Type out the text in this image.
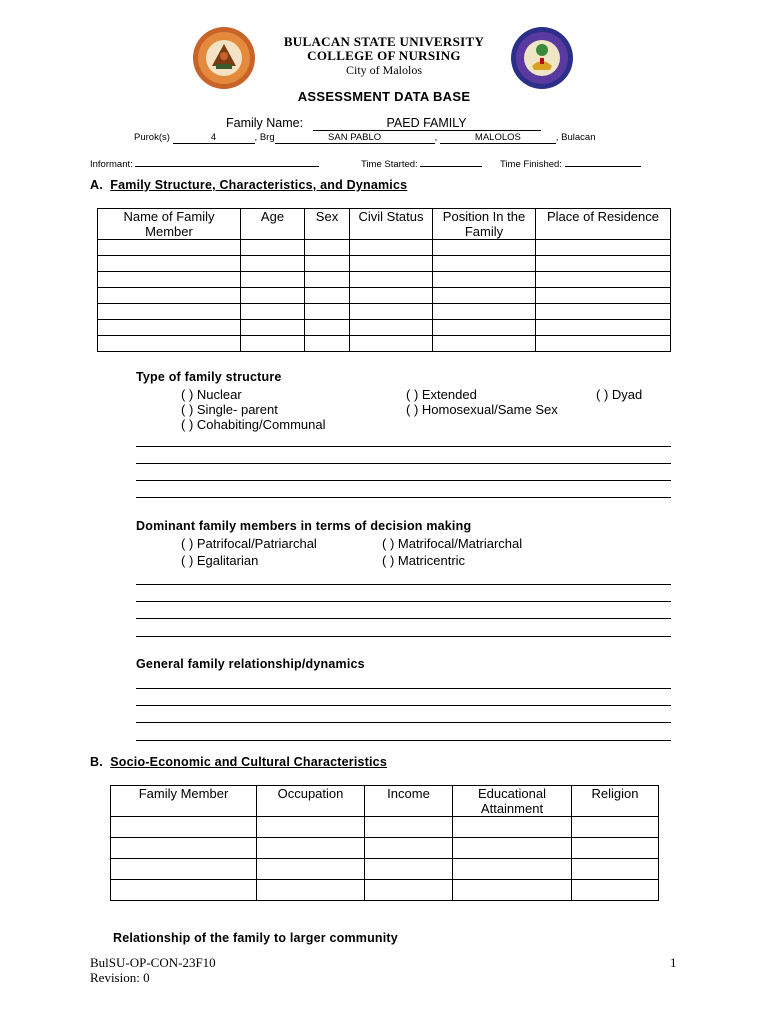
BULACAN STATE UNIVERSITY
COLLEGE OF NURSING
City of Malolos
ASSESSMENT DATA BASE
Family Name:	PAED FAMILY
Purok(s)	4	, Brg	SAN PABLO	,	MALOLOS	, Bulacan
Informant:	Time Started:	Time Finished:
A. Family Structure, Characteristics, and Dynamics
Name of Family Member	Age	Sex	Civil Status	Position In the Family	Place of Residence

Type of family structure
( ) Nuclear	( ) Extended	( ) Dyad
( ) Single- parent	( ) Homosexual/Same Sex
( ) Cohabiting/Communal
Dominant family members in terms of decision making
( ) Patrifocal/Patriarchal	( ) Matrifocal/Matriarchal
( ) Egalitarian	( ) Matricentric
General family relationship/dynamics
B. Socio-Economic and Cultural Characteristics
Family Member	Occupation	Income	Educational Attainment	Religion

Relationship of the family to larger community
BulSU-OP-CON-23F10
Revision: 0
1
